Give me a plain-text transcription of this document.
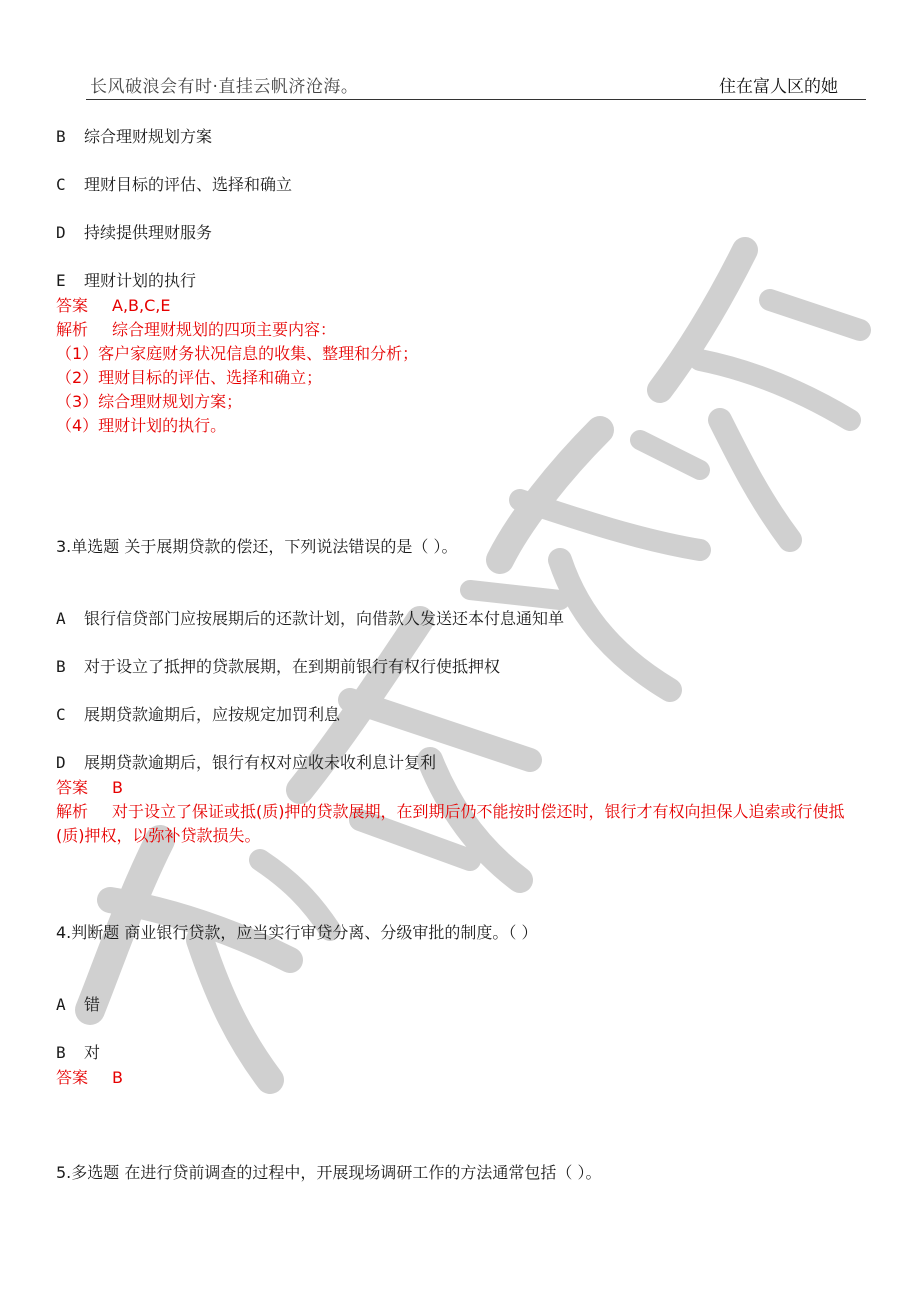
长风破浪会有时·直挂云帆济沧海。	住在富人区的她
B 综合理财规划方案
C 理财目标的评估、选择和确立
D 持续提供理财服务
E 理财计划的执行
答案 A,B,C,E
解析 综合理财规划的四项主要内容：
（1）客户家庭财务状况信息的收集、整理和分析；
（2）理财目标的评估、选择和确立；
（3）综合理财规划方案；
（4）理财计划的执行。
3.单选题 关于展期贷款的偿还，下列说法错误的是（ ）。
A 银行信贷部门应按展期后的还款计划，向借款人发送还本付息通知单
B 对于设立了抵押的贷款展期，在到期前银行有权行使抵押权
C 展期贷款逾期后，应按规定加罚利息
D 展期贷款逾期后，银行有权对应收未收利息计复利
答案 B
解析 对于设立了保证或抵(质)押的贷款展期，在到期后仍不能按时偿还时，银行才有权向担保人追索或行使抵(质)押权，以弥补贷款损失。
4.判断题 商业银行贷款，应当实行审贷分离、分级审批的制度。（ ）
A 错
B 对
答案 B
5.多选题 在进行贷前调查的过程中，开展现场调研工作的方法通常包括（ ）。
